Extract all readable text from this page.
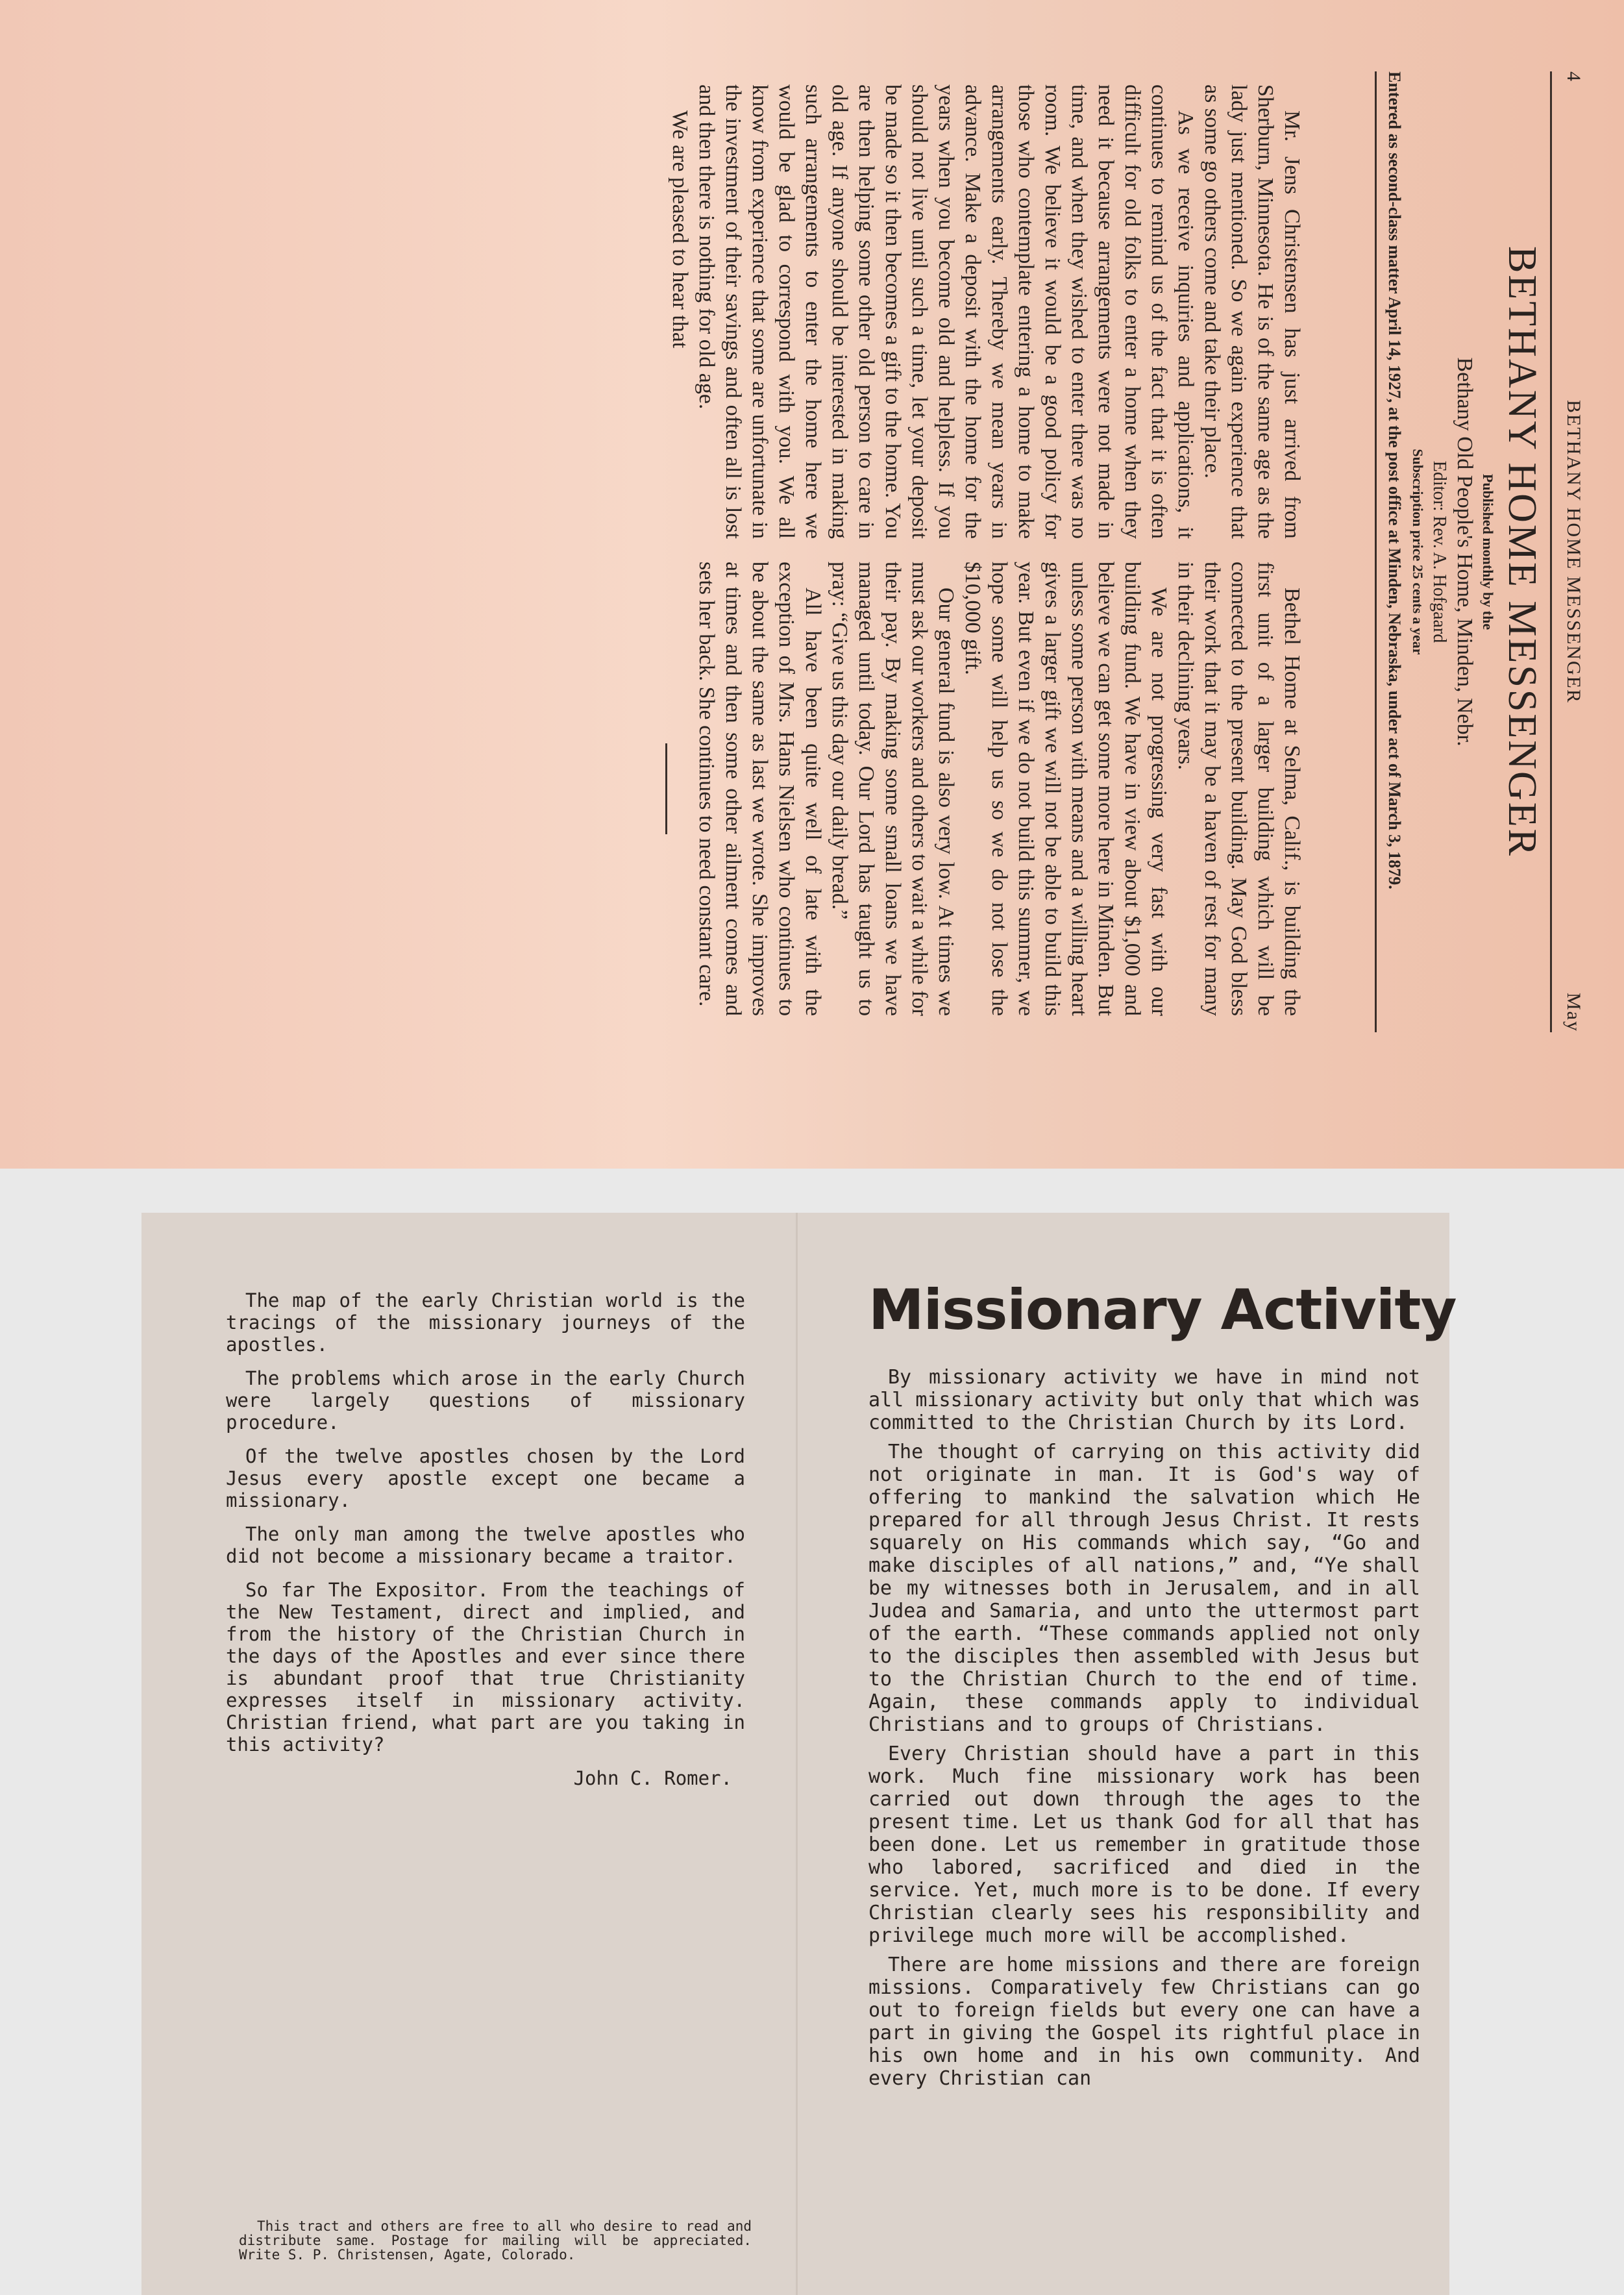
4
BETHANY HOME MESSENGER
May

BETHANY HOME MESSENGER

Published monthly by the

Bethany Old People's Home, Minden, Nebr.

Editor: Rev. A. Hofgaard

Subscription price 25 cents a year

Entered as second-class matter April 14, 1927, at the post office at Minden, Nebraska, under act of March 3, 1879.

Mr. Jens Christensen has just arrived from Sherburn, Minnesota. He is of the same age as the lady just mentioned. So we again experience that as some go others come and take their place.

As we receive inquiries and applications, it continues to remind us of the fact that it is often difficult for old folks to enter a home when they need it because arrangements were not made in time, and when they wished to enter there was no room. We believe it would be a good policy for those who contemplate entering a home to make arrangements early. Thereby we mean years in advance. Make a deposit with the home for the years when you become old and helpless. If you should not live until such a time, let your deposit be made so it then becomes a gift to the home. You are then helping some other old person to care in old age. If anyone should be interested in making such arrangements to enter the home here we would be glad to correspond with you. We all know from experience that some are unfortunate in the investment of their savings and often all is lost and then there is nothing for old age.

We are pleased to hear that

Bethel Home at Selma, Calif., is building the first unit of a larger building which will be connected to the present building. May God bless their work that it may be a haven of rest for many in their declining years.

We are not progressing very fast with our building fund. We have in view about $1,000 and believe we can get some more here in Minden. But unless some person with means and a willing heart gives a larger gift we will not be able to build this year. But even if we do not build this summer, we hope some will help us so we do not lose the $10,000 gift.

Our general fund is also very low. At times we must ask our workers and others to wait a while for their pay. By making some small loans we have managed until today. Our Lord has taught us to pray: “Give us this day our daily bread.”

All have been quite well of late with the exception of Mrs. Hans Nielsen who continues to be about the same as last we wrote. She improves at times and then some other ailment comes and sets her back. She continues to need constant care.

The map of the early Christian world is the tracings of the missionary journeys of the apostles.

The problems which arose in the early Church were largely questions of missionary procedure.

Of the twelve apostles chosen by the Lord Jesus every apostle except one became a missionary.

The only man among the twelve apostles who did not become a missionary became a traitor.

So far The Expositor. From the teachings of the New Testament, direct and implied, and from the history of the Christian Church in the days of the Apostles and ever since there is abundant proof that true Christianity expresses itself in missionary activity. Christian friend, what part are you taking in this activity?

John C. Romer.

This tract and others are free to all who desire to read and distribute same. Postage for mailing will be appreciated. Write S. P. Christensen, Agate, Colorado.
Missionary Activity

By missionary activity we have in mind not all missionary activity but only that which was committed to the Christian Church by its Lord.

The thought of carrying on this activity did not originate in man. It is God's way of offering to mankind the salvation which He prepared for all through Jesus Christ. It rests squarely on His commands which say, “Go and make disciples of all nations,” and, “Ye shall be my witnesses both in Jerusalem, and in all Judea and Samaria, and unto the uttermost part of the earth. “These commands applied not only to the disciples then assembled with Jesus but to the Christian Church to the end of time. Again, these commands apply to individual Christians and to groups of Christians.

Every Christian should have a part in this work. Much fine missionary work has been carried out down through the ages to the present time. Let us thank God for all that has been done. Let us remember in gratitude those who labored, sacrificed and died in the service. Yet, much more is to be done. If every Christian clearly sees his responsibility and privilege much more will be accomplished.

There are home missions and there are foreign missions. Comparatively few Christians can go out to foreign fields but every one can have a part in giving the Gospel its rightful place in his own home and in his own community. And every Christian can
